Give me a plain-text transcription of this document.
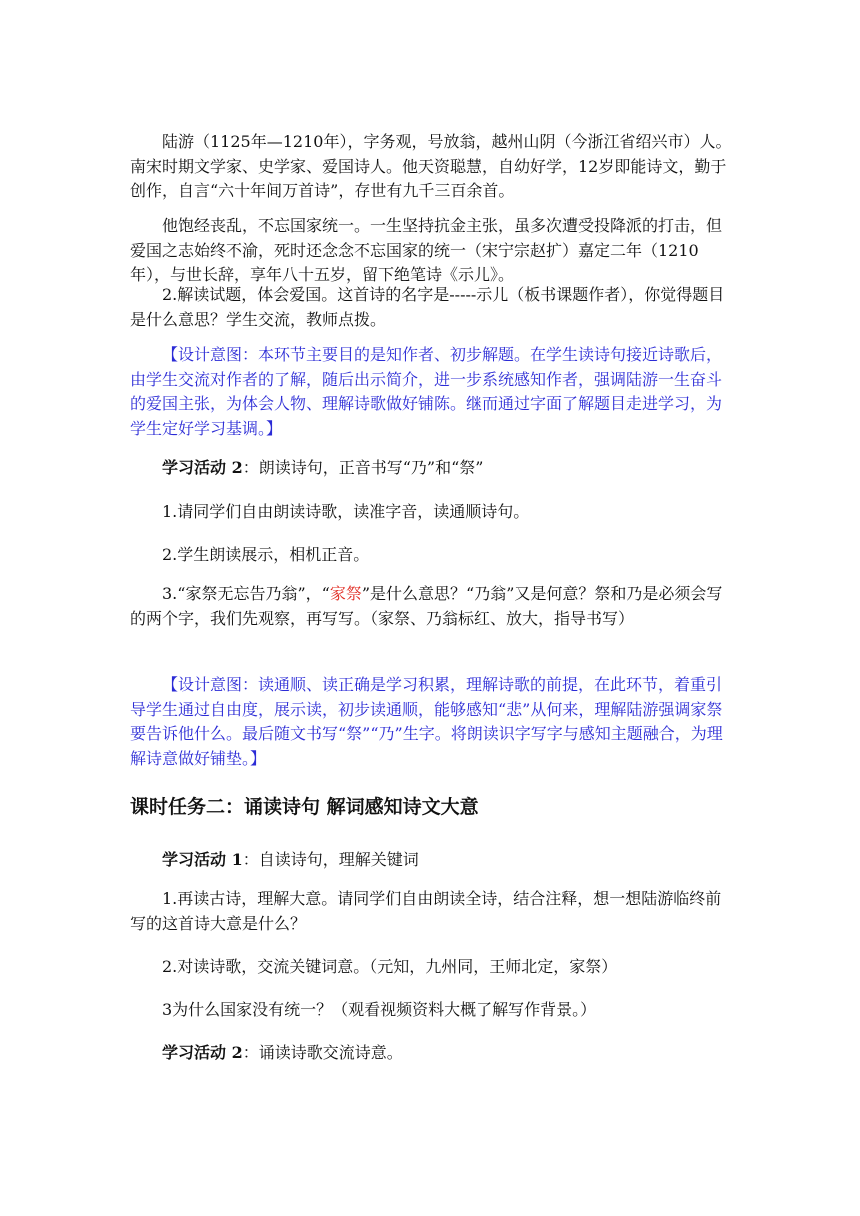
陆游（1125年—1210年），字务观，号放翁，越州山阴（今浙江省绍兴市）人。南宋时期文学家、史学家、爱国诗人。他天资聪慧，自幼好学，12岁即能诗文，勤于创作，自言“六十年间万首诗”，存世有九千三百余首。

他饱经丧乱，不忘国家统一。一生坚持抗金主张，虽多次遭受投降派的打击，但爱国之志始终不渝，死时还念念不忘国家的统一（宋宁宗赵扩）嘉定二年（1210年），与世长辞，享年八十五岁，留下绝笔诗《示儿》。

2.解读试题，体会爱国。这首诗的名字是-----示儿（板书课题作者），你觉得题目是什么意思？学生交流，教师点拨。

【设计意图：本环节主要目的是知作者、初步解题。在学生读诗句接近诗歌后，由学生交流对作者的了解，随后出示简介，进一步系统感知作者，强调陆游一生奋斗的爱国主张，为体会人物、理解诗歌做好铺陈。继而通过字面了解题目走进学习，为学生定好学习基调。】

学习活动 2：朗读诗句，正音书写“乃”和“祭”

1.请同学们自由朗读诗歌，读准字音，读通顺诗句。

2.学生朗读展示，相机正音。

3.“家祭无忘告乃翁”，“家祭”是什么意思？“乃翁”又是何意？祭和乃是必须会写的两个字，我们先观察，再写写。（家祭、乃翁标红、放大，指导书写）

【设计意图：读通顺、读正确是学习积累，理解诗歌的前提，在此环节，着重引导学生通过自由度，展示读，初步读通顺，能够感知“悲”从何来，理解陆游强调家祭要告诉他什么。最后随文书写“祭”“乃”生字。将朗读识字写字与感知主题融合，为理解诗意做好铺垫。】

课时任务二：诵读诗句 解词感知诗文大意

学习活动 1：自读诗句，理解关键词

1.再读古诗，理解大意。请同学们自由朗读全诗，结合注释，想一想陆游临终前写的这首诗大意是什么？

2.对读诗歌，交流关键词意。（元知，九州同，王师北定，家祭）

3为什么国家没有统一？（观看视频资料大概了解写作背景。）

学习活动 2：诵读诗歌交流诗意。
